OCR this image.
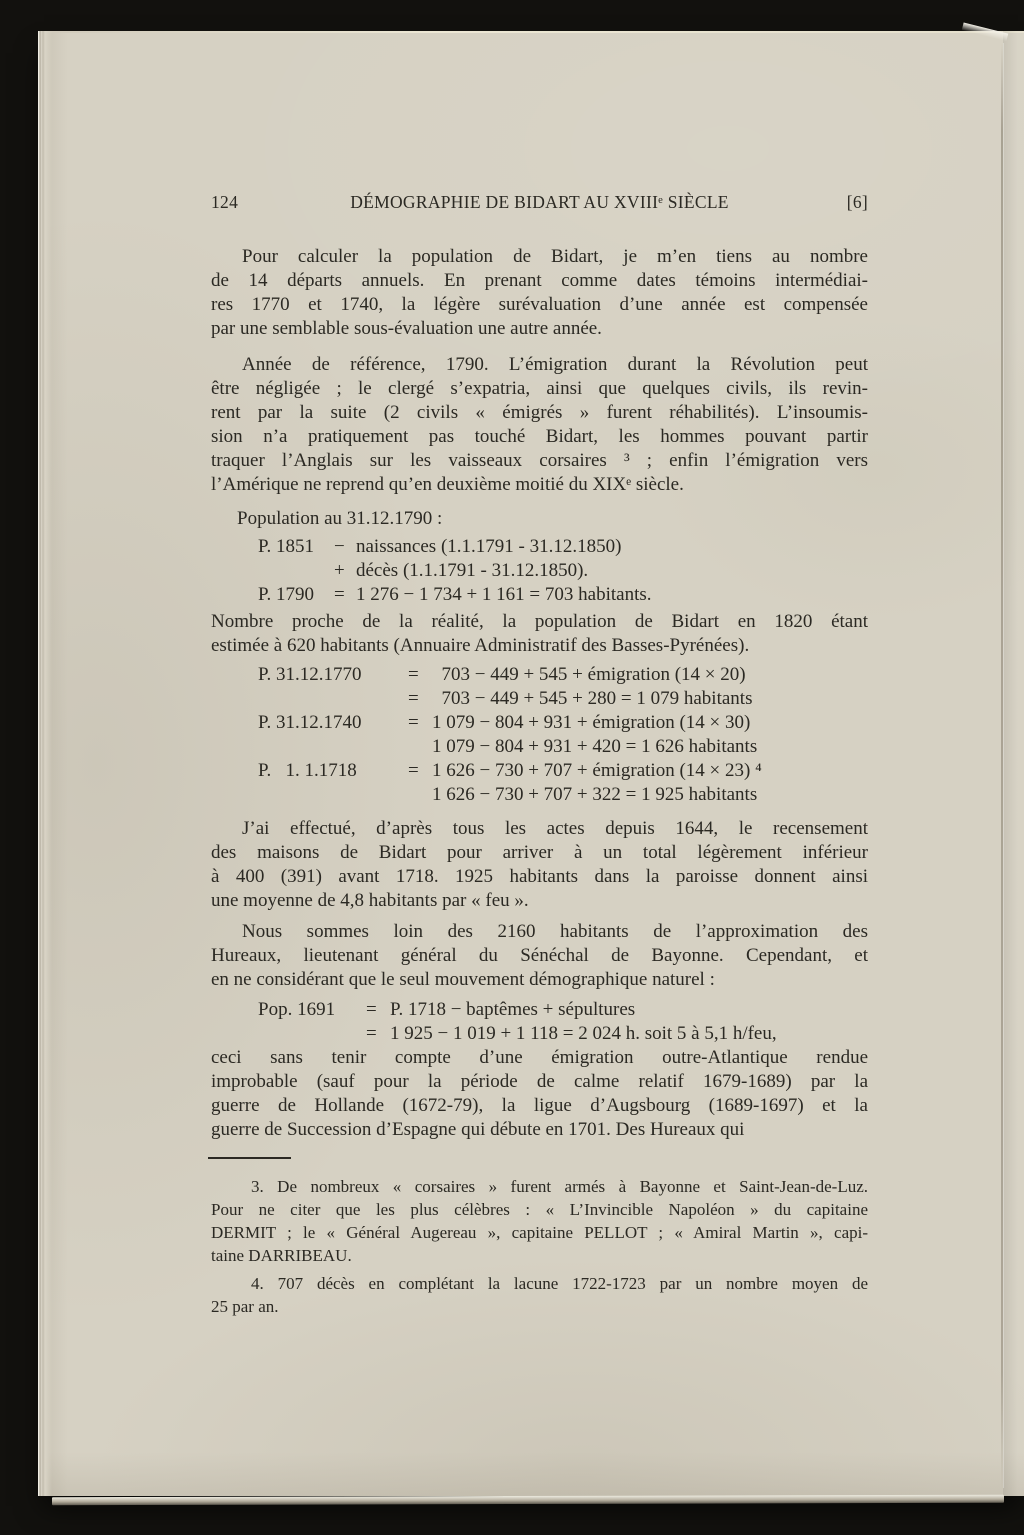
124	DÉMOGRAPHIE DE BIDART AU XVIIIᵉ SIÈCLE	[6]
Pour calculer la population de Bidart, je m’en tiens au nombre
de 14 départs annuels. En prenant comme dates témoins intermédiai-
res 1770 et 1740, la légère surévaluation d’une année est compensée
par une semblable sous-évaluation une autre année.
Année de référence, 1790. L’émigration durant la Révolution peut
être négligée ; le clergé s’expatria, ainsi que quelques civils, ils revin-
rent par la suite (2 civils « émigrés » furent réhabilités). L’insoumis-
sion n’a pratiquement pas touché Bidart, les hommes pouvant partir
traquer l’Anglais sur les vaisseaux corsaires ³ ; enfin l’émigration vers
l’Amérique ne reprend qu’en deuxième moitié du XIXᵉ siècle.
Population au 31.12.1790 :
P. 1851	− naissances (1.1.1791 - 31.12.1850)
+ décès (1.1.1791 - 31.12.1850).
P. 1790	= 1 276 − 1 734 + 1 161 = 703 habitants.
Nombre proche de la réalité, la population de Bidart en 1820 étant
estimée à 620 habitants (Annuaire Administratif des Basses-Pyrénées).
P. 31.12.1770	= 703 − 449 + 545 + émigration (14 × 20)
= 703 − 449 + 545 + 280 = 1 079 habitants
P. 31.12.1740	= 1 079 − 804 + 931 + émigration (14 × 30)
1 079 − 804 + 931 + 420 = 1 626 habitants
P.   1. 1.1718	= 1 626 − 730 + 707 + émigration (14 × 23) ⁴
1 626 − 730 + 707 + 322 = 1 925 habitants
J’ai effectué, d’après tous les actes depuis 1644, le recensement
des maisons de Bidart pour arriver à un total légèrement inférieur
à 400 (391) avant 1718. 1925 habitants dans la paroisse donnent ainsi
une moyenne de 4,8 habitants par « feu ».
Nous sommes loin des 2160 habitants de l’approximation des
Hureaux, lieutenant général du Sénéchal de Bayonne. Cependant, et
en ne considérant que le seul mouvement démographique naturel :
Pop. 1691	= P. 1718 − baptêmes + sépultures
= 1 925 − 1 019 + 1 118 = 2 024 h. soit 5 à 5,1 h/feu,
ceci sans tenir compte d’une émigration outre-Atlantique rendue
improbable (sauf pour la période de calme relatif 1679-1689) par la
guerre de Hollande (1672-79), la ligue d’Augsbourg (1689-1697) et la
guerre de Succession d’Espagne qui débute en 1701. Des Hureaux qui
3. De nombreux « corsaires » furent armés à Bayonne et Saint-Jean-de-Luz.
Pour ne citer que les plus célèbres : « L’Invincible Napoléon » du capitaine
DERMIT ; le « Général Augereau », capitaine PELLOT ; « Amiral Martin », capi-
taine DARRIBEAU.
4. 707 décès en complétant la lacune 1722-1723 par un nombre moyen de
25 par an.
